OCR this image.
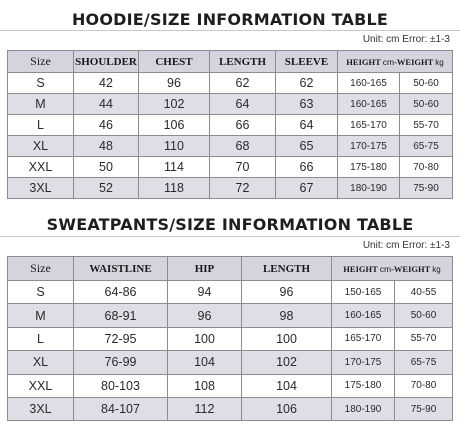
HOODIE/SIZE INFORMATION TABLE
Unit: cm Error: ±1-3
Size	SHOULDER	CHEST	LENGTH	SLEEVE	HEIGHT cm-WEIGHT kg	
S	42	96	62	62	160-165	50-60
M	44	102	64	63	160-165	50-60
L	46	106	66	64	165-170	55-70
XL	48	110	68	65	170-175	65-75
XXL	50	114	70	66	175-180	70-80
3XL	52	118	72	67	180-190	75-90
SWEATPANTS/SIZE INFORMATION TABLE
Unit: cm Error: ±1-3
Size	WAISTLINE	HIP	LENGTH	HEIGHT cm-WEIGHT kg	
S	64-86	94	96	150-165	40-55
M	68-91	96	98	160-165	50-60
L	72-95	100	100	165-170	55-70
XL	76-99	104	102	170-175	65-75
XXL	80-103	108	104	175-180	70-80
3XL	84-107	112	106	180-190	75-90
